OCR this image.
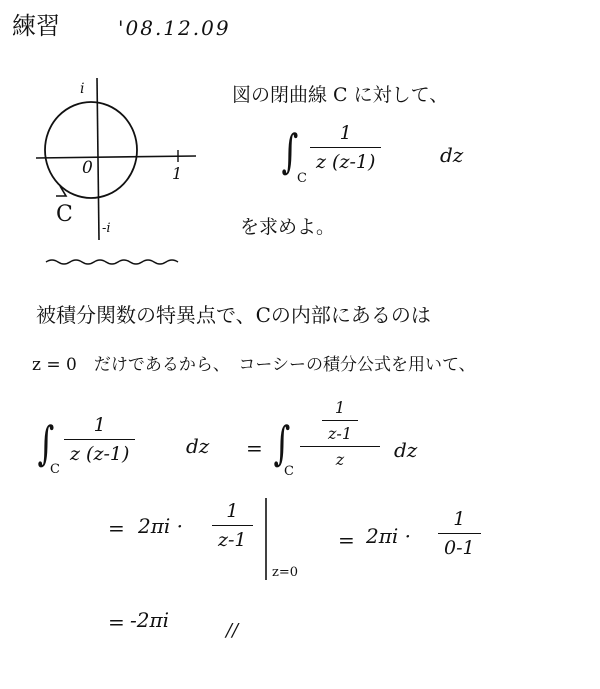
練習	'08.12.09
i
0	1
-i
C
図の閉曲線 C に対して、
∫
C
1
z (z-1)	dz
を求めよ。
被積分関数の特異点で、Cの内部にあるのは
z = 0　だけであるから、　コーシーの積分公式を用いて、
∫
C
1
z (z-1)	dz = ∫
C
1
z-1
z	dz
= 2πi ·
1
z-1
z=0
= 2πi ·
1
0-1
= -2πi	//
